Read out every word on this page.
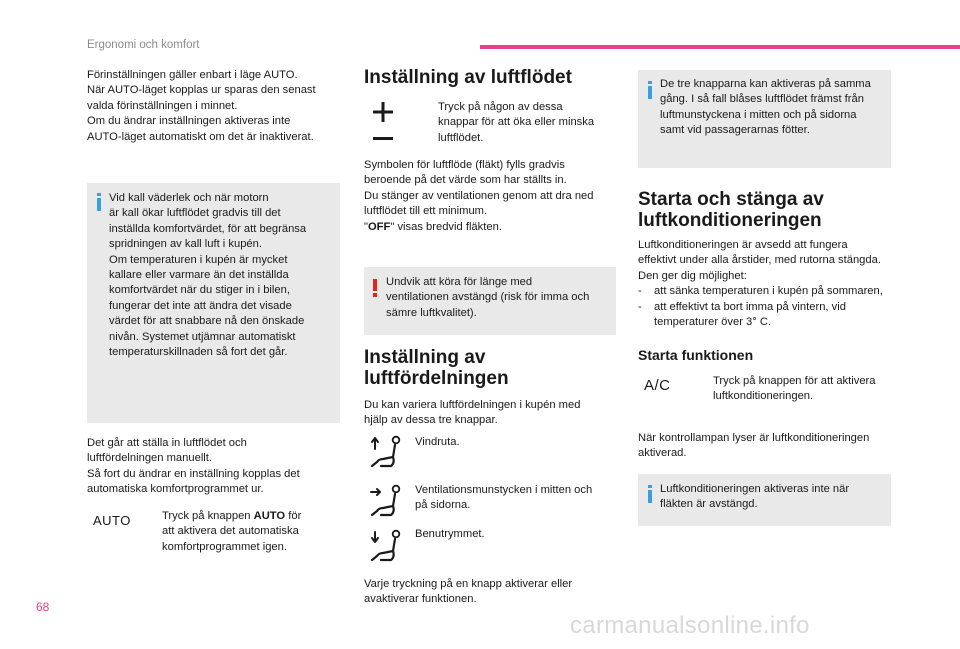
Ergonomi och komfort
68
carmanualsonline.info

Förinställningen gäller enbart i läge AUTO.

När AUTO-läget kopplas ur sparas den senast

valda förinställningen i minnet.

Om du ändrar inställningen aktiveras inte

AUTO-läget automatiskt om det är inaktiverat.

Vid kall väderlek och när motorn

är kall ökar luftflödet gradvis till det

inställda komfortvärdet, för att begränsa

spridningen av kall luft i kupén.

Om temperaturen i kupén är mycket

kallare eller varmare än det inställda

komfortvärdet när du stiger in i bilen,

fungerar det inte att ändra det visade

värdet för att snabbare nå den önskade

nivån. Systemet utjämnar automatiskt

temperaturskillnaden så fort det går.

Det går att ställa in luftflödet och

luftfördelningen manuellt.

Så fort du ändrar en inställning kopplas det

automatiska komfortprogrammet ur.

AUTO	Tryck på knappen AUTO för

att aktivera det automatiska

komfortprogrammet igen.

Inställning av luftflödet

Tryck på någon av dessa

knappar för att öka eller minska

luftflödet.

Symbolen för luftflöde (fläkt) fylls gradvis

beroende på det värde som har ställts in.

Du stänger av ventilationen genom att dra ned

luftflödet till ett minimum.

"OFF" visas bredvid fläkten.

Undvik att köra för länge med

ventilationen avstängd (risk för imma och

sämre luftkvalitet).

Inställning av
luftfördelningen

Du kan variera luftfördelningen i kupén med

hjälp av dessa tre knappar.

Vindruta.

Ventilationsmunstycken i mitten och

på sidorna.

Benutrymmet.

Varje tryckning på en knapp aktiverar eller

avaktiverar funktionen.

De tre knapparna kan aktiveras på samma

gång. I så fall blåses luftflödet främst från

luftmunstyckena i mitten och på sidorna

samt vid passagerarnas fötter.

Starta och stänga av
luftkonditioneringen

Luftkonditioneringen är avsedd att fungera

effektivt under alla årstider, med rutorna stängda.

Den ger dig möjlighet:

- att sänka temperaturen i kupén på sommaren,
- att effektivt ta bort imma på vintern, vid
temperaturer över 3° C.
Starta funktionen
A/C	Tryck på knappen för att aktivera

luftkonditioneringen.

När kontrollampan lyser är luftkonditioneringen

aktiverad.

Luftkonditioneringen aktiveras inte när

fläkten är avstängd.
